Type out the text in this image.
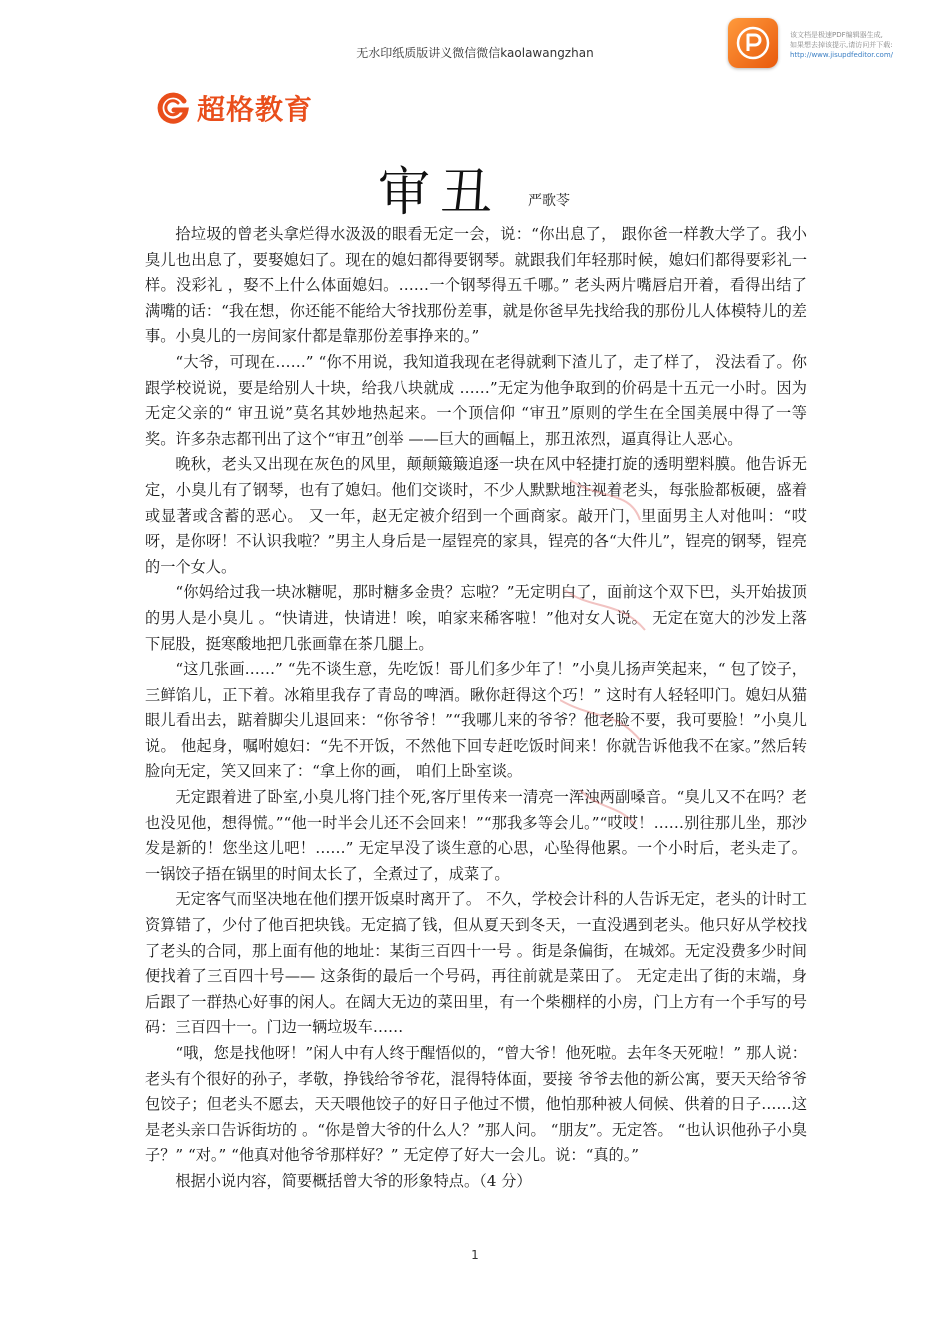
无水印纸质版讲义微信微信kaolawangzhan
该文档是极速PDF编辑器生成,
如果想去掉该提示,请访问并下载:
http://www.jisupdfeditor.com/
超格教育
审丑 严歌苓

拾垃圾的曾老头拿烂得水汲汲的眼看无定一会，说：“你出息了， 跟你爸一样教大学了。我小臭儿也出息了，要娶媳妇了。现在的媳妇都得要钢琴。就跟我们年轻那时候，媳妇们都得要彩礼一样。没彩礼 ，娶不上什么体面媳妇。……一个钢琴得五千哪。” 老头两片嘴唇启开着，看得出结了满嘴的话：“我在想，你还能不能给大爷找那份差事，就是你爸早先找给我的那份儿人体模特儿的差事。小臭儿的一房间家什都是靠那份差事挣来的。”

“大爷，可现在……” “你不用说，我知道我现在老得就剩下渣儿了，走了样了， 没法看了。你跟学校说说，要是给别人十块，给我八块就成 ……”无定为他争取到的价码是十五元一小时。因为无定父亲的“ 审丑说”莫名其妙地热起来。一个顶信仰 “审丑”原则的学生在全国美展中得了一等奖。许多杂志都刊出了这个“审丑”创举 ——巨大的画幅上，那丑浓烈，逼真得让人恶心。

晚秋，老头又出现在灰色的风里，颠颠簸簸追逐一块在风中轻捷打旋的透明塑料膜。他告诉无定，小臭儿有了钢琴，也有了媳妇。他们交谈时，不少人默默地注视着老头，每张脸都板硬，盛着或显著或含蓄的恶心。 又一年，赵无定被介绍到一个画商家。敲开门，里面男主人对他叫：“哎呀，是你呀！不认识我啦？”男主人身后是一屋锃亮的家具，锃亮的各“大件儿”，锃亮的钢琴，锃亮的一个女人。

“你妈给过我一块冰糖呢，那时糖多金贵？忘啦？”无定明白了，面前这个双下巴，头开始拔顶的男人是小臭儿 。“快请进，快请进！唉，咱家来稀客啦！”他对女人说。 无定在宽大的沙发上落下屁股，挺寒酸地把几张画靠在茶几腿上。

“这几张画……” “先不谈生意，先吃饭！哥儿们多少年了！”小臭儿扬声笑起来，“ 包了饺子，三鲜馅儿，正下着。冰箱里我存了青岛的啤酒。瞅你赶得这个巧！” 这时有人轻轻叩门。媳妇从猫眼儿看出去，踮着脚尖儿退回来：“你爷爷！”“我哪儿来的爷爷？他老脸不要，我可要脸！”小臭儿说。 他起身，嘱咐媳妇：“先不开饭，不然他下回专赶吃饭时间来！你就告诉他我不在家。”然后转脸向无定，笑又回来了：“拿上你的画， 咱们上卧室谈。

无定跟着进了卧室,小臭儿将门挂个死,客厅里传来一清亮一浑浊两副嗓音。“臭儿又不在吗？老也没见他，想得慌。”“他一时半会儿还不会回来！”“那我多等会儿。”“哎哎！……别往那儿坐，那沙发是新的！您坐这儿吧！……” 无定早没了谈生意的心思，心坠得他累。一个小时后，老头走了。一锅饺子捂在锅里的时间太长了，全煮过了，成菜了。

无定客气而坚决地在他们摆开饭桌时离开了。 不久，学校会计科的人告诉无定，老头的计时工资算错了，少付了他百把块钱。无定搞了钱，但从夏天到冬天，一直没遇到老头。他只好从学校找了老头的合同，那上面有他的地址：某街三百四十一号 。街是条偏街，在城郊。无定没费多少时间便找着了三百四十号—— 这条街的最后一个号码，再往前就是菜田了。 无定走出了街的末端，身后跟了一群热心好事的闲人。在阔大无边的菜田里，有一个柴棚样的小房，门上方有一个手写的号码：三百四十一。门边一辆垃圾车……

“哦，您是找他呀！”闲人中有人终于醒悟似的，“曾大爷！他死啦。去年冬天死啦！” 那人说：老头有个很好的孙子，孝敬，挣钱给爷爷花，混得特体面，要接 爷爷去他的新公寓，要天天给爷爷包饺子；但老头不愿去，天天喂他饺子的好日子他过不惯，他怕那种被人伺候、供着的日子……这是老头亲口告诉街坊的 。“你是曾大爷的什么人？”那人问。 “朋友”。无定答。 “也认识他孙子小臭子？” “对。” “他真对他爷爷那样好？” 无定停了好大一会儿。说：“真的。”

根据小说内容，简要概括曾大爷的形象特点。（4 分）

1
